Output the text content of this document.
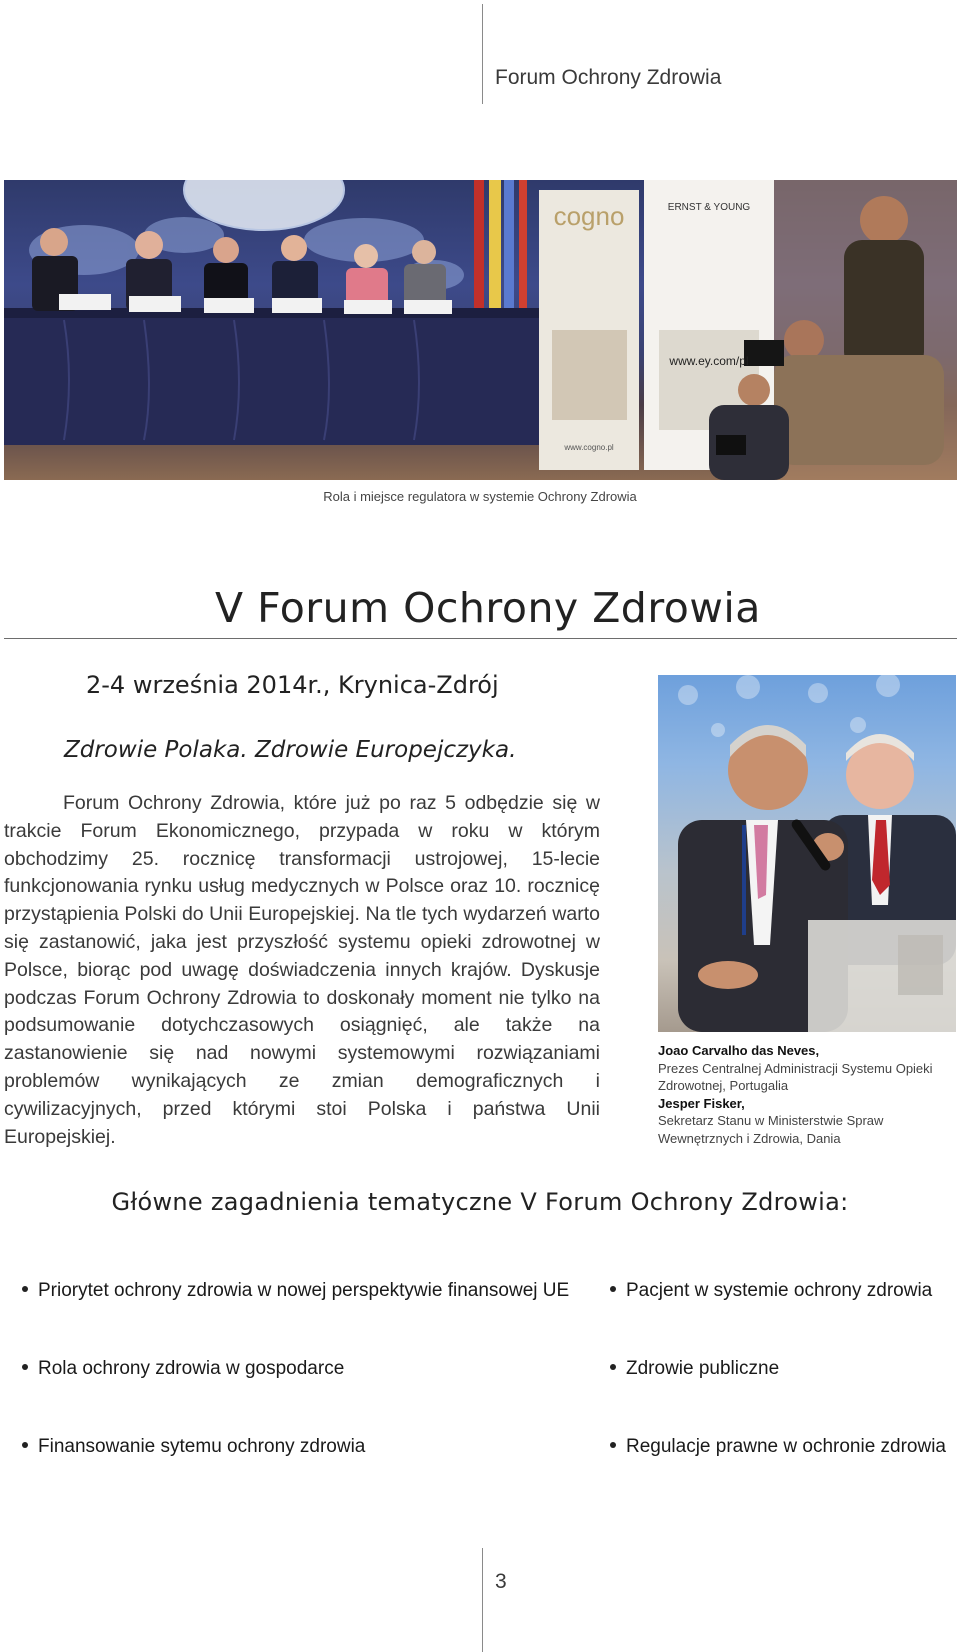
Forum Ochrony Zdrowia
cogno	ERNST & YOUNG
www.ey.com/pl
www.cogno.pl
Rola i miejsce regulatora w systemie Ochrony Zdrowia
V Forum Ochrony Zdrowia
2-4 września 2014r., Krynica-Zdrój
Zdrowie Polaka. Zdrowie Europejczyka.

Forum Ochrony Zdrowia, które już po raz 5 odbędzie się w trakcie Forum Ekonomicznego, przypada w roku w którym obchodzimy 25. rocznicę transformacji ustrojowej, 15-lecie funkcjonowania rynku usług medycznych w Polsce oraz 10. rocznicę przystąpienia Polski do Unii Europejskiej. Na tle tych wydarzeń warto się zastanowić, jaka jest przyszłość systemu opieki zdrowotnej w Polsce, biorąc pod uwagę doświadczenia innych krajów. Dyskusje podczas Forum Ochrony Zdrowia to doskonały moment nie tylko na podsumowanie dotychczasowych osiągnięć, ale także na zastanowienie się nad nowymi systemowymi rozwiązaniami problemów wynikających ze zmian demograficznych i cywilizacyjnych, przed którymi stoi Polska i państwa Unii Europejskiej.

Joao Carvalho das Neves,
Prezes Centralnej Administracji Systemu Opieki Zdrowotnej, Portugalia
Jesper Fisker,
Sekretarz Stanu w Ministerstwie Spraw Wewnętrznych i Zdrowia, Dania
Główne zagadnienia tematyczne V Forum Ochrony Zdrowia:
Priorytet ochrony zdrowia w nowej perspektywie finansowej UE	Pacjent w systemie ochrony zdrowia
Rola ochrony zdrowia w gospodarce	Zdrowie publiczne
Finansowanie sytemu ochrony zdrowia	Regulacje prawne w ochronie zdrowia
3
